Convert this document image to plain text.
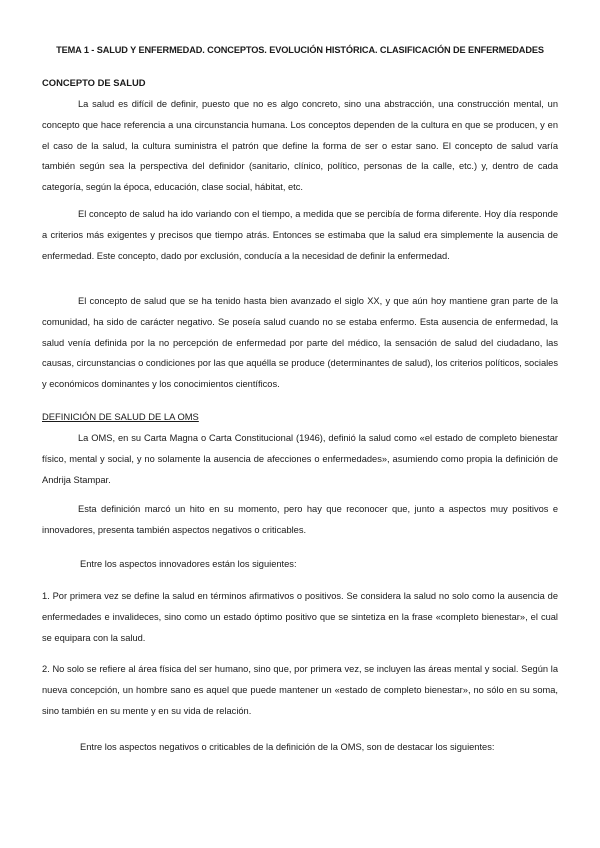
TEMA 1 - SALUD Y ENFERMEDAD. CONCEPTOS. EVOLUCIÓN HISTÓRICA. CLASIFICACIÓN DE ENFERMEDADES
CONCEPTO DE SALUD

La salud es difícil de definir, puesto que no es algo concreto, sino una abstracción, una construcción mental, un concepto que hace referencia a una circunstancia humana. Los conceptos dependen de la cultura en que se producen, y en el caso de la salud, la cultura suministra el patrón que define la forma de ser o estar sano. El concepto de salud varía también según sea la perspectiva del definidor (sanitario, clínico, político, personas de la calle, etc.) y, dentro de cada categoría, según la época, educación, clase social, hábitat, etc.

El concepto de salud ha ido variando con el tiempo, a medida que se percibía de forma diferente. Hoy día responde a criterios más exigentes y precisos que tiempo atrás. Entonces se estimaba que la salud era simplemente la ausencia de enfermedad. Este concepto, dado por exclusión, conducía a la necesidad de definir la enfermedad.

El concepto de salud que se ha tenido hasta bien avanzado el siglo XX, y que aún hoy mantiene gran parte de la comunidad, ha sido de carácter negativo. Se poseía salud cuando no se estaba enfermo. Esta ausencia de enfermedad, la salud venía definida por la no percepción de enfermedad por parte del médico, la sensación de salud del ciudadano, las causas, circunstancias o condiciones por las que aquélla se produce (determinantes de salud), los criterios políticos, sociales y económicos dominantes y los conocimientos científicos.

DEFINICIÓN DE SALUD DE LA OMS

La OMS, en su Carta Magna o Carta Constitucional (1946), definió la salud como «el estado de completo bienestar físico, mental y social, y no solamente la ausencia de afecciones o enfermedades», asumiendo como propia la definición de Andrija Stampar.

Esta definición marcó un hito en su momento, pero hay que reconocer que, junto a aspectos muy positivos e innovadores, presenta también aspectos negativos o criticables.

Entre los aspectos innovadores están los siguientes:

1. Por primera vez se define la salud en términos afirmativos o positivos. Se considera la salud no solo como la ausencia de enfermedades e invalideces, sino como un estado óptimo positivo que se sintetiza en la frase «completo bienestar», el cual se equipara con la salud.

2. No solo se refiere al área física del ser humano, sino que, por primera vez, se incluyen las áreas mental y social. Según la nueva concepción, un hombre sano es aquel que puede mantener un «estado de completo bienestar», no sólo en su soma, sino también en su mente y en su vida de relación.

Entre los aspectos negativos o criticables de la definición de la OMS, son de destacar los siguientes:
